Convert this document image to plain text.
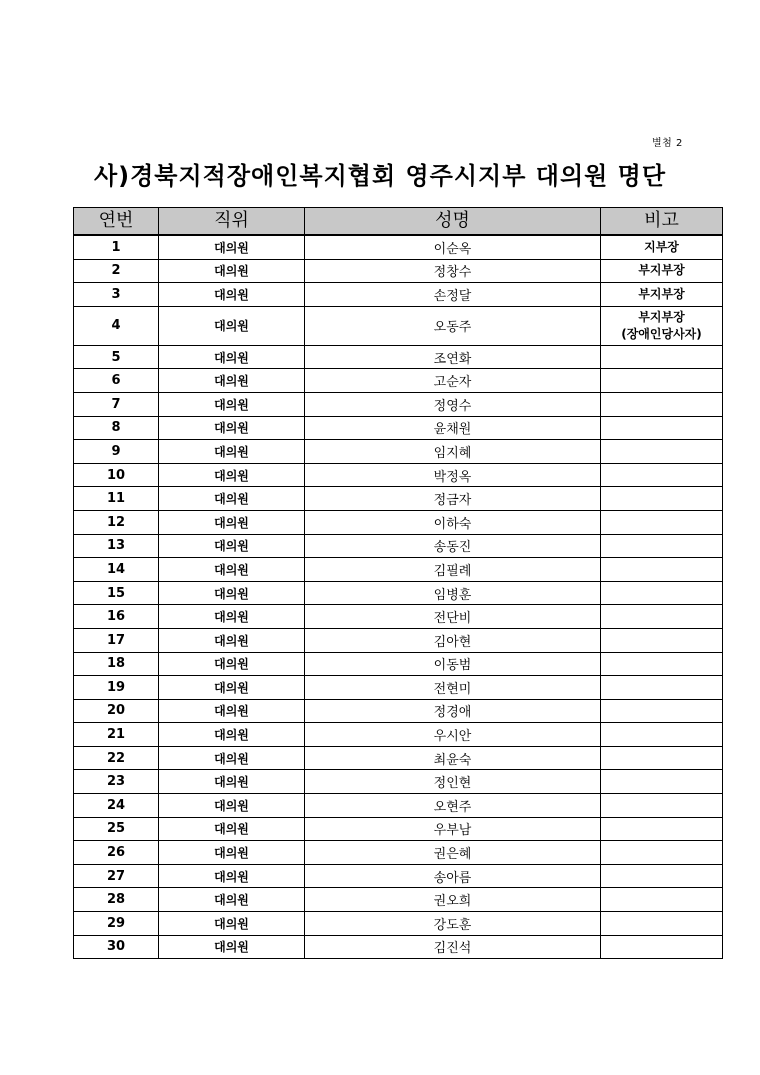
별첨 2
사)경북지적장애인복지협회 영주시지부 대의원 명단
연번	직위	성명	비고
1	대의원	이순옥	지부장

2	대의원	정창수	부지부장

3	대의원	손정달	부지부장

4	대의원	오동주	부지부장
(장애인당사자)

5	대의원	조연화	
6	대의원	고순자	
7	대의원	정영수	
8	대의원	윤채원	
9	대의원	임지혜	
10	대의원	박정옥	
11	대의원	정금자	
12	대의원	이하숙	
13	대의원	송동진	
14	대의원	김필례	
15	대의원	임병훈	
16	대의원	전단비	
17	대의원	김아현	
18	대의원	이동범	
19	대의원	전현미	
20	대의원	정경애	
21	대의원	우시안	
22	대의원	최윤숙	
23	대의원	정인현	
24	대의원	오현주	
25	대의원	우부남	
26	대의원	권은혜	
27	대의원	송아름	
28	대의원	권오희	
29	대의원	강도훈	
30	대의원	김진석	
